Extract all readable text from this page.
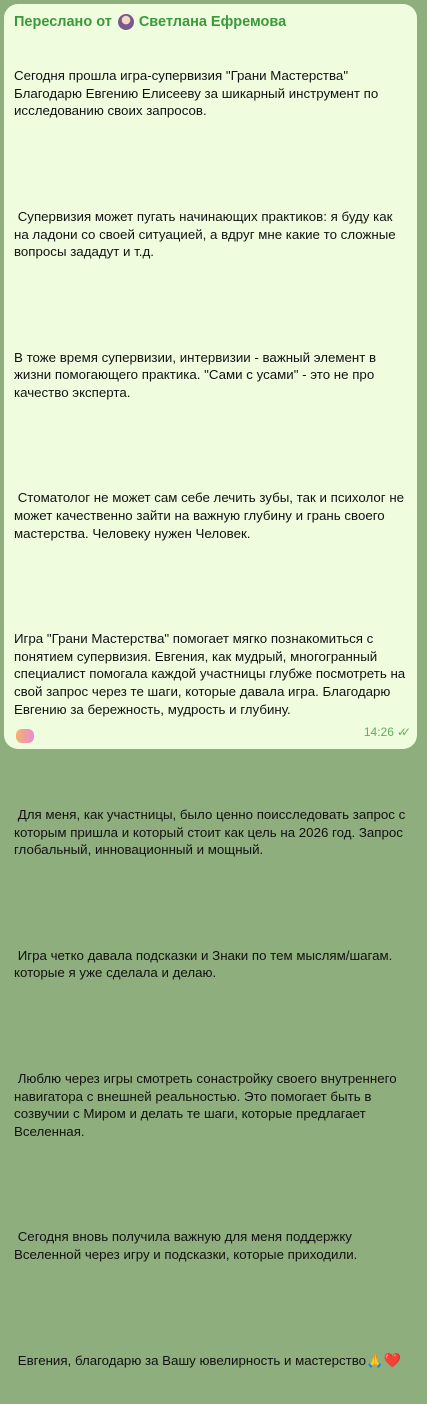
Переслано от Светлана Ефремова

Сегодня прошла игра-супервизия "Грани Мастерства" Благодарю Евгению Елисееву за шикарный инструмент по исследованию своих запросов.

Супервизия может пугать начинающих практиков: я буду как на ладони со своей ситуацией, а вдруг мне какие то сложные вопросы зададут и т.д.

В тоже время супервизии, интервизии - важный элемент в жизни помогающего практика. "Сами с усами" - это не про качество эксперта.

Стоматолог не может сам себе лечить зубы, так и психолог не может качественно зайти на важную глубину и грань своего мастерства. Человеку нужен Человек.

Игра "Грани Мастерства" помогает мягко познакомиться с понятием супервизия. Евгения, как мудрый, многогранный специалист помогала каждой участницы глубже посмотреть на свой запрос через те шаги, которые давала игра. Благодарю Евгению за бережность, мудрость и глубину.

Для меня, как участницы, было ценно поисследовать запрос с которым пришла и который стоит как цель на 2026 год. Запрос глобальный, инновационный и мощный.

Игра четко давала подсказки и Знаки по тем мыслям/шагам. которые я уже сделала и делаю.

Люблю через игры смотреть сонастройку своего внутреннего навигатора с внешней реальностью. Это помогает быть в созвучии с Миром и делать те шаги, которые предлагает Вселенная.

Сегодня вновь получила важную для меня поддержку Вселенной через игру и подсказки, которые приходили.

Евгения, благодарю за Вашу ювелирность и мастерство🙏❤️

14:26 ✓✓
